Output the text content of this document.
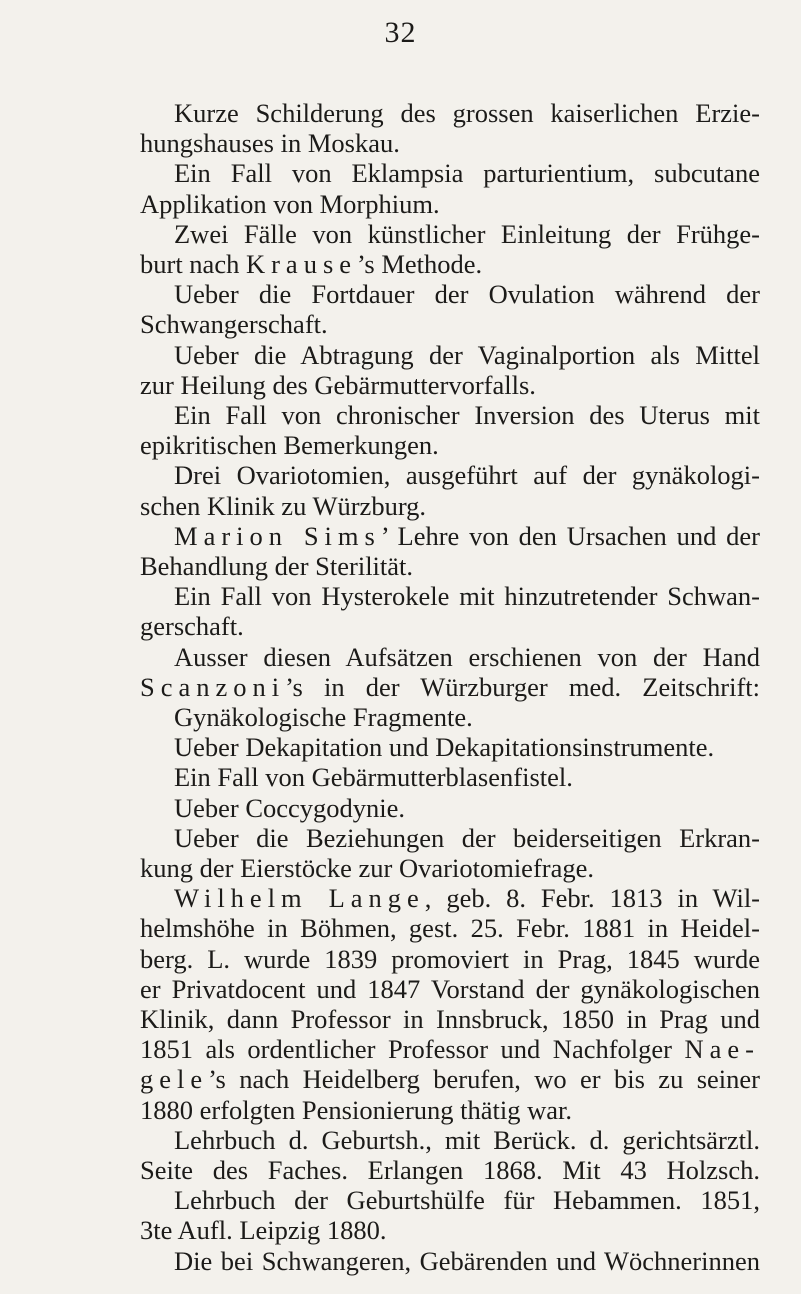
32
Kurze Schilderung des grossen kaiserlichen Erzie-
hungshauses in Moskau.
Ein Fall von Eklampsia parturientium, subcutane
Applikation von Morphium.
Zwei Fälle von künstlicher Einleitung der Frühge-
burt nach Krause’s Methode.
Ueber die Fortdauer der Ovulation während der
Schwangerschaft.
Ueber die Abtragung der Vaginalportion als Mittel
zur Heilung des Gebärmuttervorfalls.
Ein Fall von chronischer Inversion des Uterus mit
epikritischen Bemerkungen.
Drei Ovariotomien, ausgeführt auf der gynäkologi-
schen Klinik zu Würzburg.
Marion Sims’ Lehre von den Ursachen und der
Behandlung der Sterilität.
Ein Fall von Hysterokele mit hinzutretender Schwan-
gerschaft.
Ausser diesen Aufsätzen erschienen von der Hand
Scanzoni’s in der Würzburger med. Zeitschrift:
Gynäkologische Fragmente.
Ueber Dekapitation und Dekapitationsinstrumente.
Ein Fall von Gebärmutterblasenfistel.
Ueber Coccygodynie.
Ueber die Beziehungen der beiderseitigen Erkran-
kung der Eierstöcke zur Ovariotomiefrage.
Wilhelm Lange, geb. 8. Febr. 1813 in Wil-
helmshöhe in Böhmen, gest. 25. Febr. 1881 in Heidel-
berg. L. wurde 1839 promoviert in Prag, 1845 wurde
er Privatdocent und 1847 Vorstand der gynäkologischen
Klinik, dann Professor in Innsbruck, 1850 in Prag und
1851 als ordentlicher Professor und Nachfolger Nae-
gele’s nach Heidelberg berufen, wo er bis zu seiner
1880 erfolgten Pensionierung thätig war.
Lehrbuch d. Geburtsh., mit Berück. d. gerichtsärztl.
Seite des Faches. Erlangen 1868. Mit 43 Holzsch.
Lehrbuch der Geburtshülfe für Hebammen. 1851,
3te Aufl. Leipzig 1880.
Die bei Schwangeren, Gebärenden und Wöchnerinnen
